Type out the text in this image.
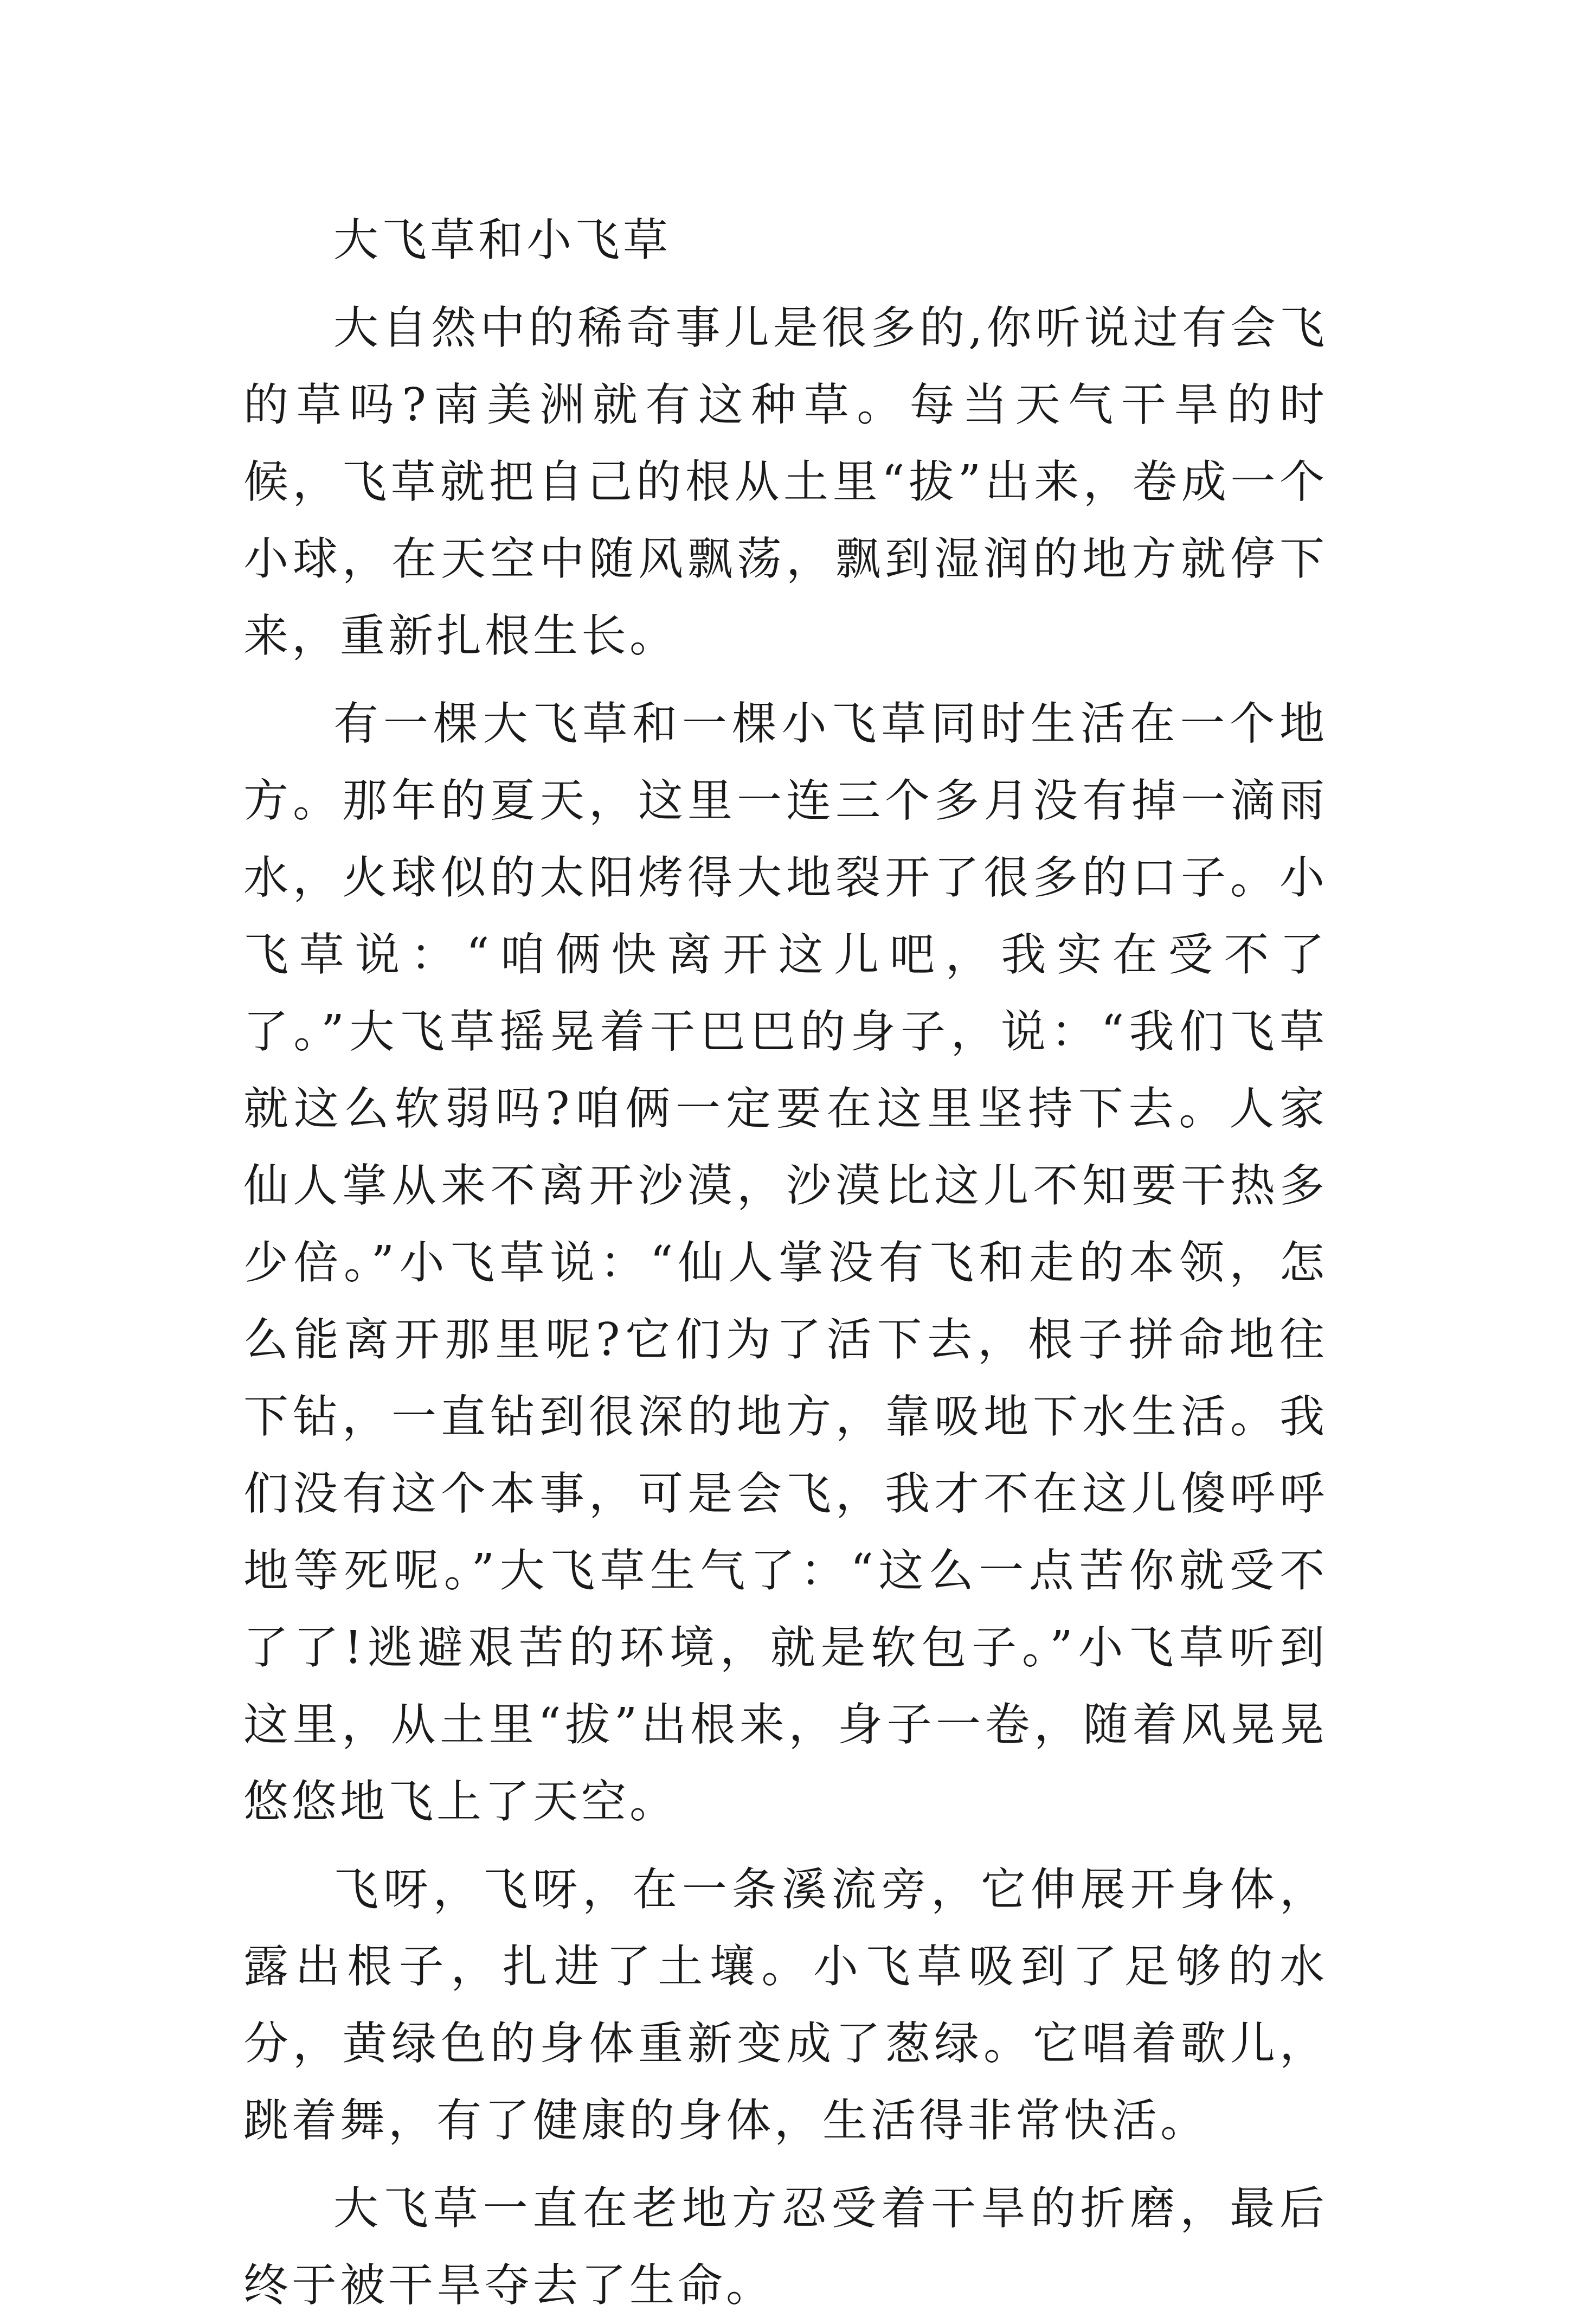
大飞草和小飞草

大自然中的稀奇事儿是很多的,你听说过有会飞的草吗?南美洲就有这种草。每当天气干旱的时候，飞草就把自己的根从土里“拔”出来，卷成一个小球，在天空中随风飘荡，飘到湿润的地方就停下来，重新扎根生长。

有一棵大飞草和一棵小飞草同时生活在一个地方。那年的夏天，这里一连三个多月没有掉一滴雨水，火球似的太阳烤得大地裂开了很多的口子。小飞草说：“咱俩快离开这儿吧，我实在受不了了。”大飞草摇晃着干巴巴的身子，说：“我们飞草就这么软弱吗?咱俩一定要在这里坚持下去。人家仙人掌从来不离开沙漠，沙漠比这儿不知要干热多少倍。”小飞草说：“仙人掌没有飞和走的本领，怎么能离开那里呢?它们为了活下去，根子拼命地往下钻，一直钻到很深的地方，靠吸地下水生活。我们没有这个本事，可是会飞，我才不在这儿傻呼呼地等死呢。”大飞草生气了：“这么一点苦你就受不了了!逃避艰苦的环境，就是软包子。”小飞草听到这里，从土里“拔”出根来，身子一卷，随着风晃晃悠悠地飞上了天空。

飞呀，飞呀，在一条溪流旁，它伸展开身体，露出根子，扎进了土壤。小飞草吸到了足够的水分，黄绿色的身体重新变成了葱绿。它唱着歌儿，跳着舞，有了健康的身体，生活得非常快活。

大飞草一直在老地方忍受着干旱的折磨，最后终于被干旱夺去了生命。
